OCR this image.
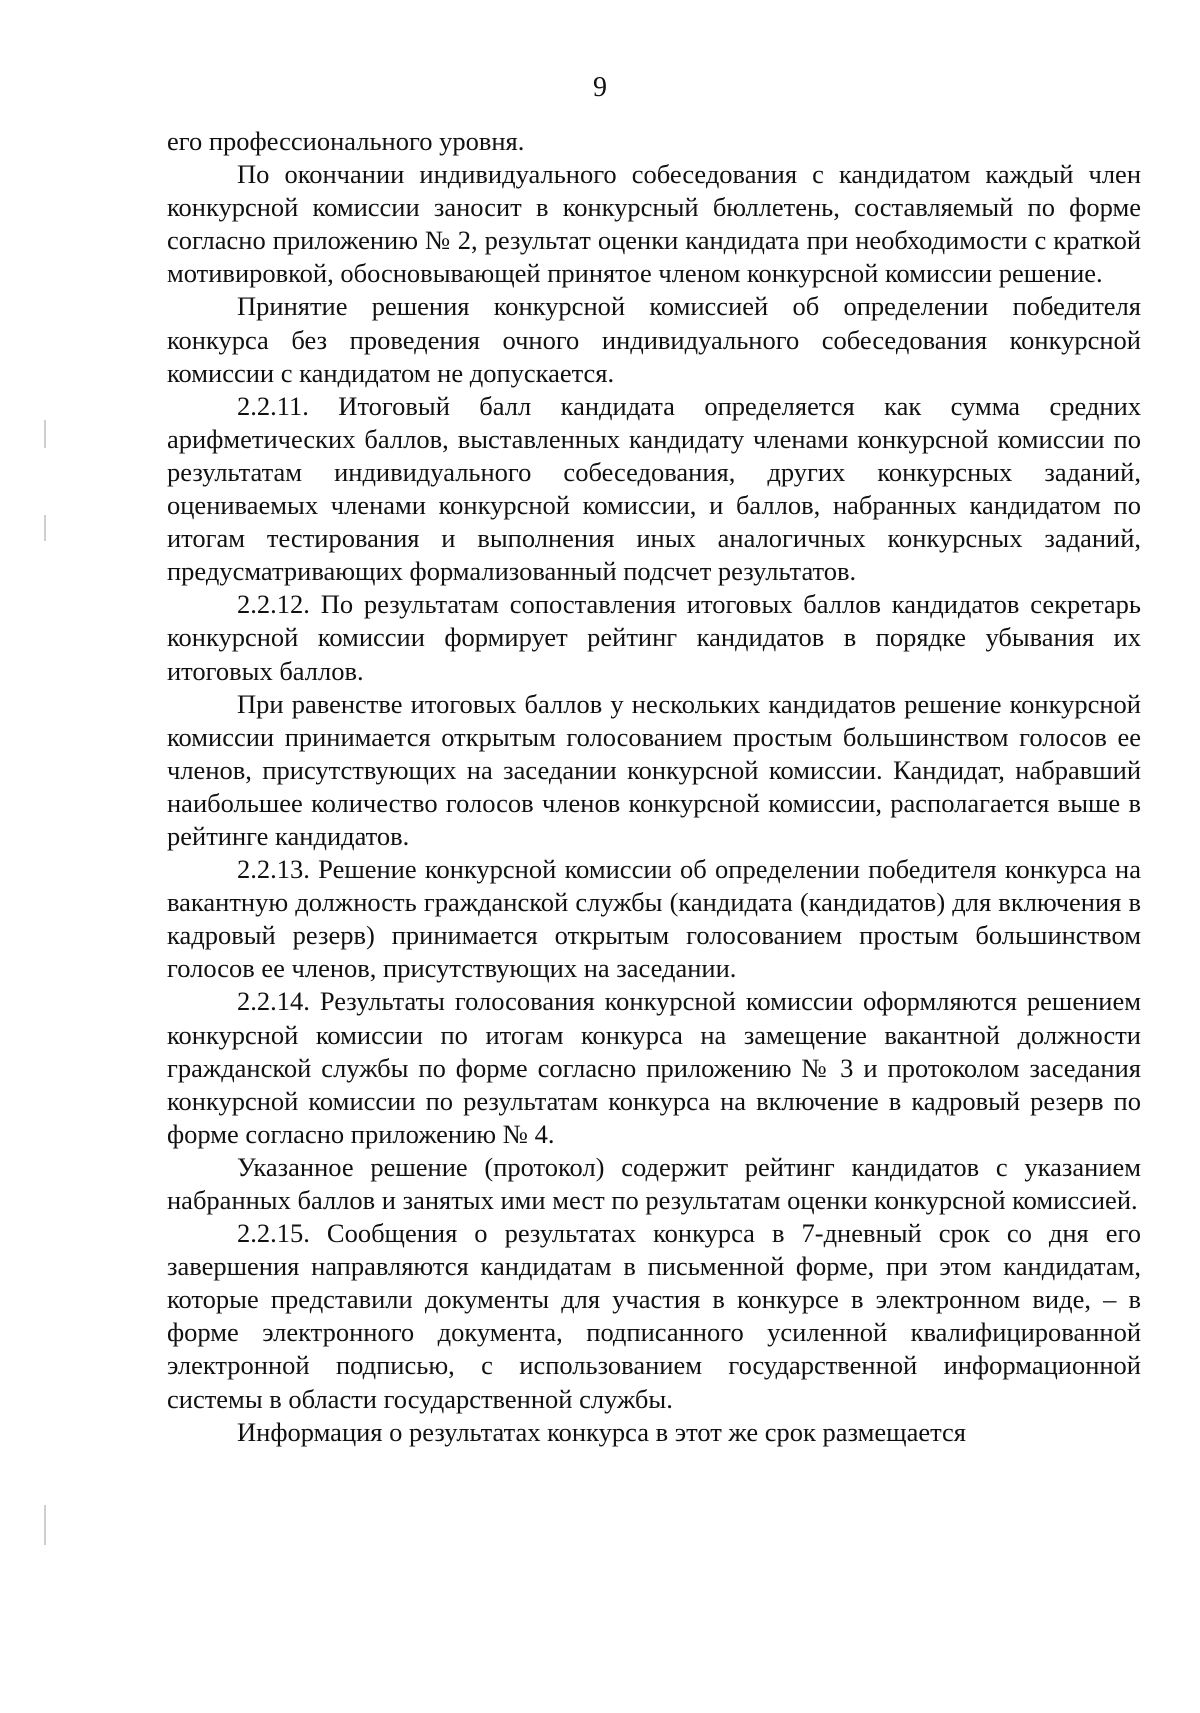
9

его профессионального уровня.

По окончании индивидуального собеседования с кандидатом каждый член конкурсной комиссии заносит в конкурсный бюллетень, составляемый по форме согласно приложению № 2, результат оценки кандидата при необходимости с краткой мотивировкой, обосновывающей принятое членом конкурсной комиссии решение.

Принятие решения конкурсной комиссией об определении победителя конкурса без проведения очного индивидуального собеседования конкурсной комиссии с кандидатом не допускается.

2.2.11. Итоговый балл кандидата определяется как сумма средних арифметических баллов, выставленных кандидату членами конкурсной комиссии по результатам индивидуального собеседования, других конкурсных заданий, оцениваемых членами конкурсной комиссии, и баллов, набранных кандидатом по итогам тестирования и выполнения иных аналогичных конкурсных заданий, предусматривающих формализованный подсчет результатов.

2.2.12. По результатам сопоставления итоговых баллов кандидатов секретарь конкурсной комиссии формирует рейтинг кандидатов в порядке убывания их итоговых баллов.

При равенстве итоговых баллов у нескольких кандидатов решение конкурсной комиссии принимается открытым голосованием простым большинством голосов ее членов, присутствующих на заседании конкурсной комиссии. Кандидат, набравший наибольшее количество голосов членов конкурсной комиссии, располагается выше в рейтинге кандидатов.

2.2.13. Решение конкурсной комиссии об определении победителя конкурса на вакантную должность гражданской службы (кандидата (кандидатов) для включения в кадровый резерв) принимается открытым голосованием простым большинством голосов ее членов, присутствующих на заседании.

2.2.14. Результаты голосования конкурсной комиссии оформляются решением конкурсной комиссии по итогам конкурса на замещение вакантной должности гражданской службы по форме согласно приложению № 3 и протоколом заседания конкурсной комиссии по результатам конкурса на включение в кадровый резерв по форме согласно приложению № 4.

Указанное решение (протокол) содержит рейтинг кандидатов с указанием набранных баллов и занятых ими мест по результатам оценки конкурсной комиссией.

2.2.15. Сообщения о результатах конкурса в 7-дневный срок со дня его завершения направляются кандидатам в письменной форме, при этом кандидатам, которые представили документы для участия в конкурсе в электронном виде, – в форме электронного документа, подписанного усиленной квалифицированной электронной подписью, с использованием государственной информационной системы в области государственной службы.

Информация о результатах конкурса в этот же срок размещается
